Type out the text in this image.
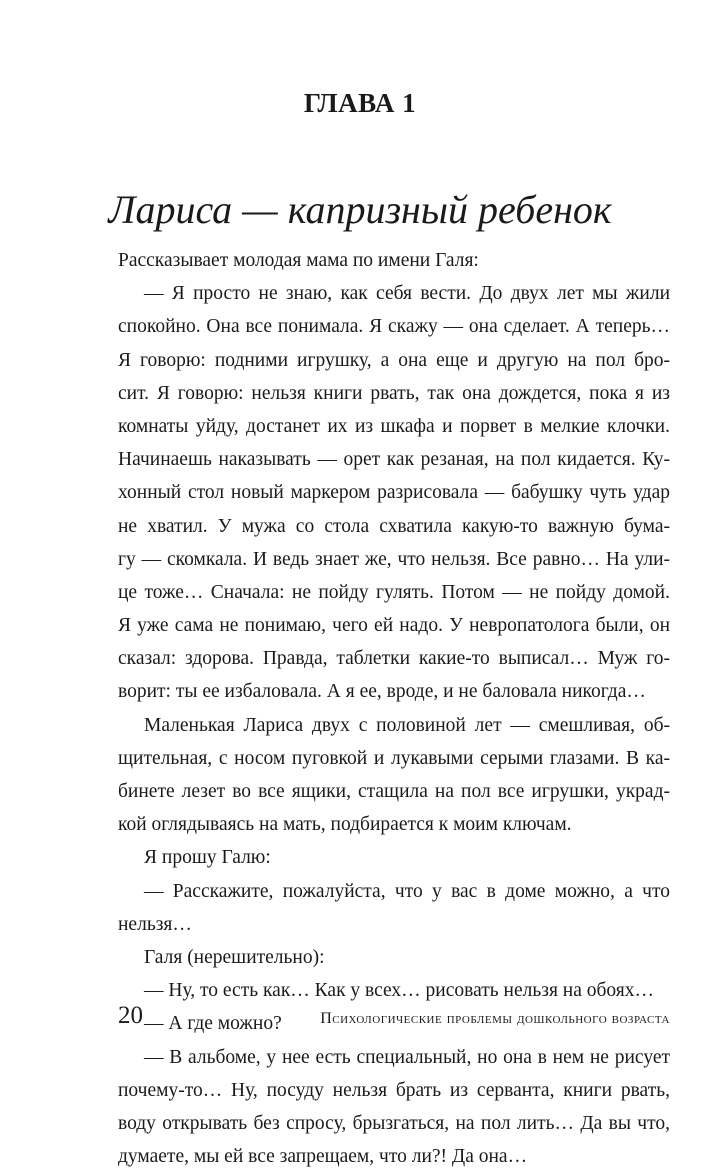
ГЛАВА 1
Лариса — капризный ребенок
Рассказывает молодая мама по имени Галя:
— Я просто не знаю, как себя вести. До двух лет мы жили
спокойно. Она все понимала. Я скажу — она сделает. А теперь…
Я говорю: подними игрушку, а она еще и другую на пол бро-
сит. Я говорю: нельзя книги рвать, так она дождется, пока я из
комнаты уйду, достанет их из шкафа и порвет в мелкие клочки.
Начинаешь наказывать — орет как резаная, на пол кидается. Ку-
хонный стол новый маркером разрисовала — бабушку чуть удар
не хватил. У мужа со стола схватила какую-то важную бума-
гу — скомкала. И ведь знает же, что нельзя. Все равно… На ули-
це тоже… Сначала: не пойду гулять. Потом — не пойду домой.
Я уже сама не понимаю, чего ей надо. У невропатолога были, он
сказал: здорова. Правда, таблетки какие-то выписал… Муж го-
ворит: ты ее избаловала. А я ее, вроде, и не баловала никогда…
Маленькая Лариса двух с половиной лет — смешливая, об-
щительная, с носом пуговкой и лукавыми серыми глазами. В ка-
бинете лезет во все ящики, стащила на пол все игрушки, украд-
кой оглядываясь на мать, подбирается к моим ключам.
Я прошу Галю:
— Расскажите, пожалуйста, что у вас в доме можно, а что
нельзя…
Галя (нерешительно):
— Ну, то есть как… Как у всех… рисовать нельзя на обоях…
— А где можно?
— В альбоме, у нее есть специальный, но она в нем не рисует
почему-то… Ну, посуду нельзя брать из серванта, книги рвать,
воду открывать без спросу, брызгаться, на пол лить… Да вы что,
думаете, мы ей все запрещаем, что ли?! Да она…
20	Психологические проблемы дошкольного возраста
